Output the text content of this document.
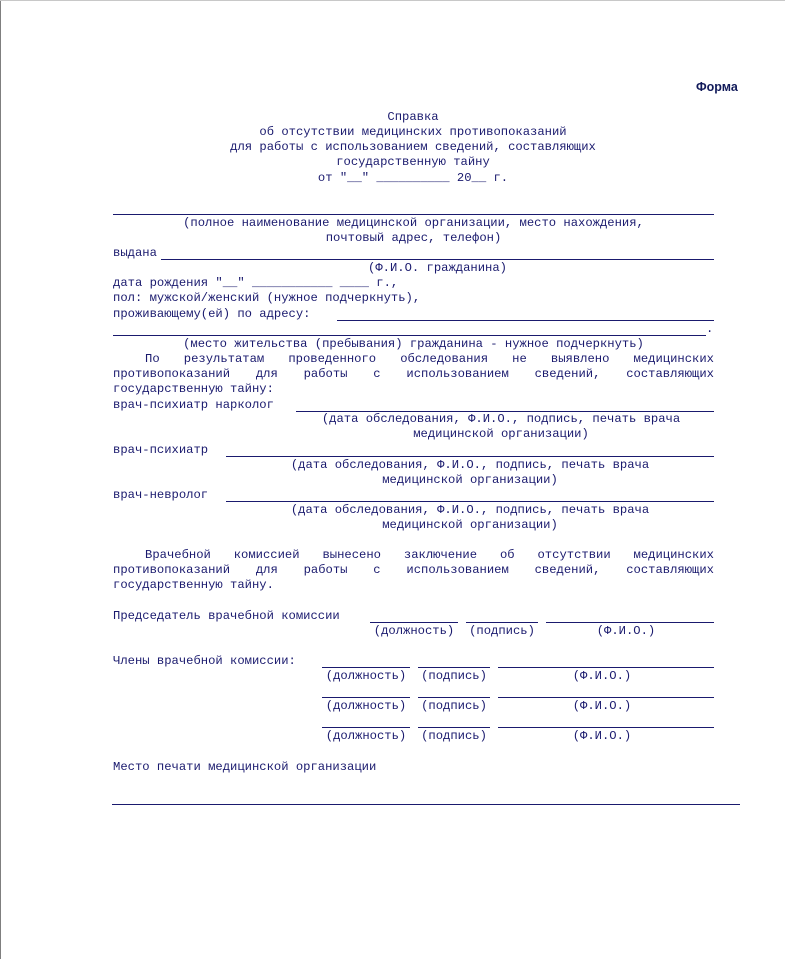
Форма

Справка

об отсутствии медицинских противопоказаний

для работы с использованием сведений, составляющих

государственную тайну

от "__" __________ 20__ г.

(полное наименование медицинской организации, место нахождения,

почтовый адрес, телефон)

выдана

(Ф.И.О. гражданина)

дата рождения "__" ___________ ____ г.,

пол: мужской/женский (нужное подчеркнуть),

проживающему(ей) по адресу:

.

(место жительства (пребывания) гражданина - нужное подчеркнуть)

По результатам проведенного обследования не выявлено медицинских

противопоказаний для работы с использованием сведений, составляющих

государственную тайну:

врач-психиатр нарколог

(дата обследования, Ф.И.О., подпись, печать врача

медицинской организации)

врач-психиатр

(дата обследования, Ф.И.О., подпись, печать врача

медицинской организации)

врач-невролог

(дата обследования, Ф.И.О., подпись, печать врача

медицинской организации)

Врачебной комиссией вынесено заключение об отсутствии медицинских

противопоказаний для работы с использованием сведений, составляющих

государственную тайну.

Председатель врачебной комиссии

(должность)	(подпись)	(Ф.И.О.)

Члены врачебной комиссии:

(должность)	(подпись)	(Ф.И.О.)

(должность)	(подпись)	(Ф.И.О.)

(должность)	(подпись)	(Ф.И.О.)

Место печати медицинской организации
